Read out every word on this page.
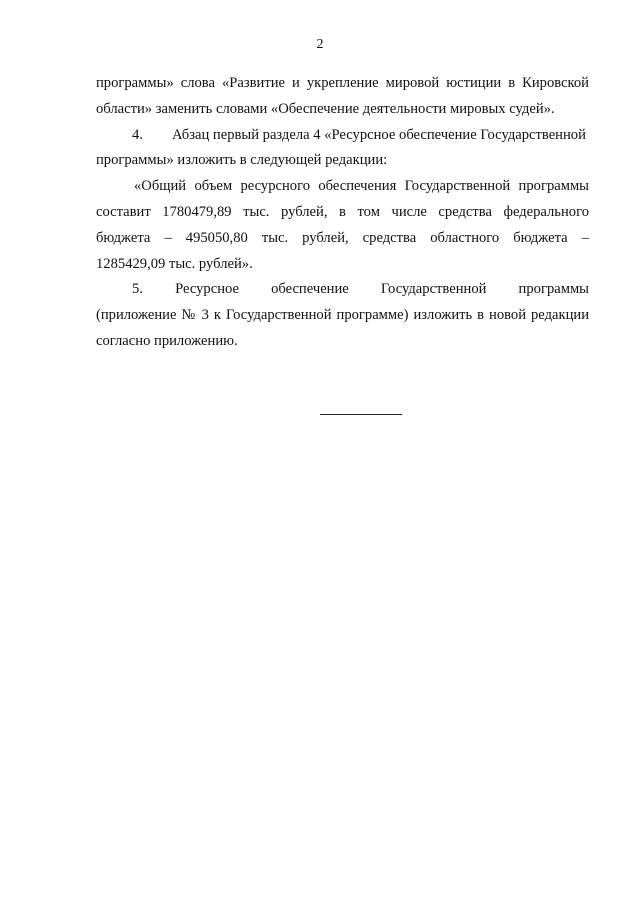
2
программы» слова «Развитие и укрепление мировой юстиции в Кировской
области» заменить словами «Обеспечение деятельности мировых судей».
4. Абзац первый раздела 4 «Ресурсное обеспечение Государственной
программы» изложить в следующей редакции:
«Общий объем ресурсного обеспечения Государственной программы
составит 1780479,89 тыс. рублей, в том числе средства федерального
бюджета – 495050,80 тыс. рублей, средства областного бюджета –
1285429,09 тыс. рублей».
5. Ресурсное обеспечение Государственной программы
(приложение № 3 к Государственной программе) изложить в новой редакции
согласно приложению.
